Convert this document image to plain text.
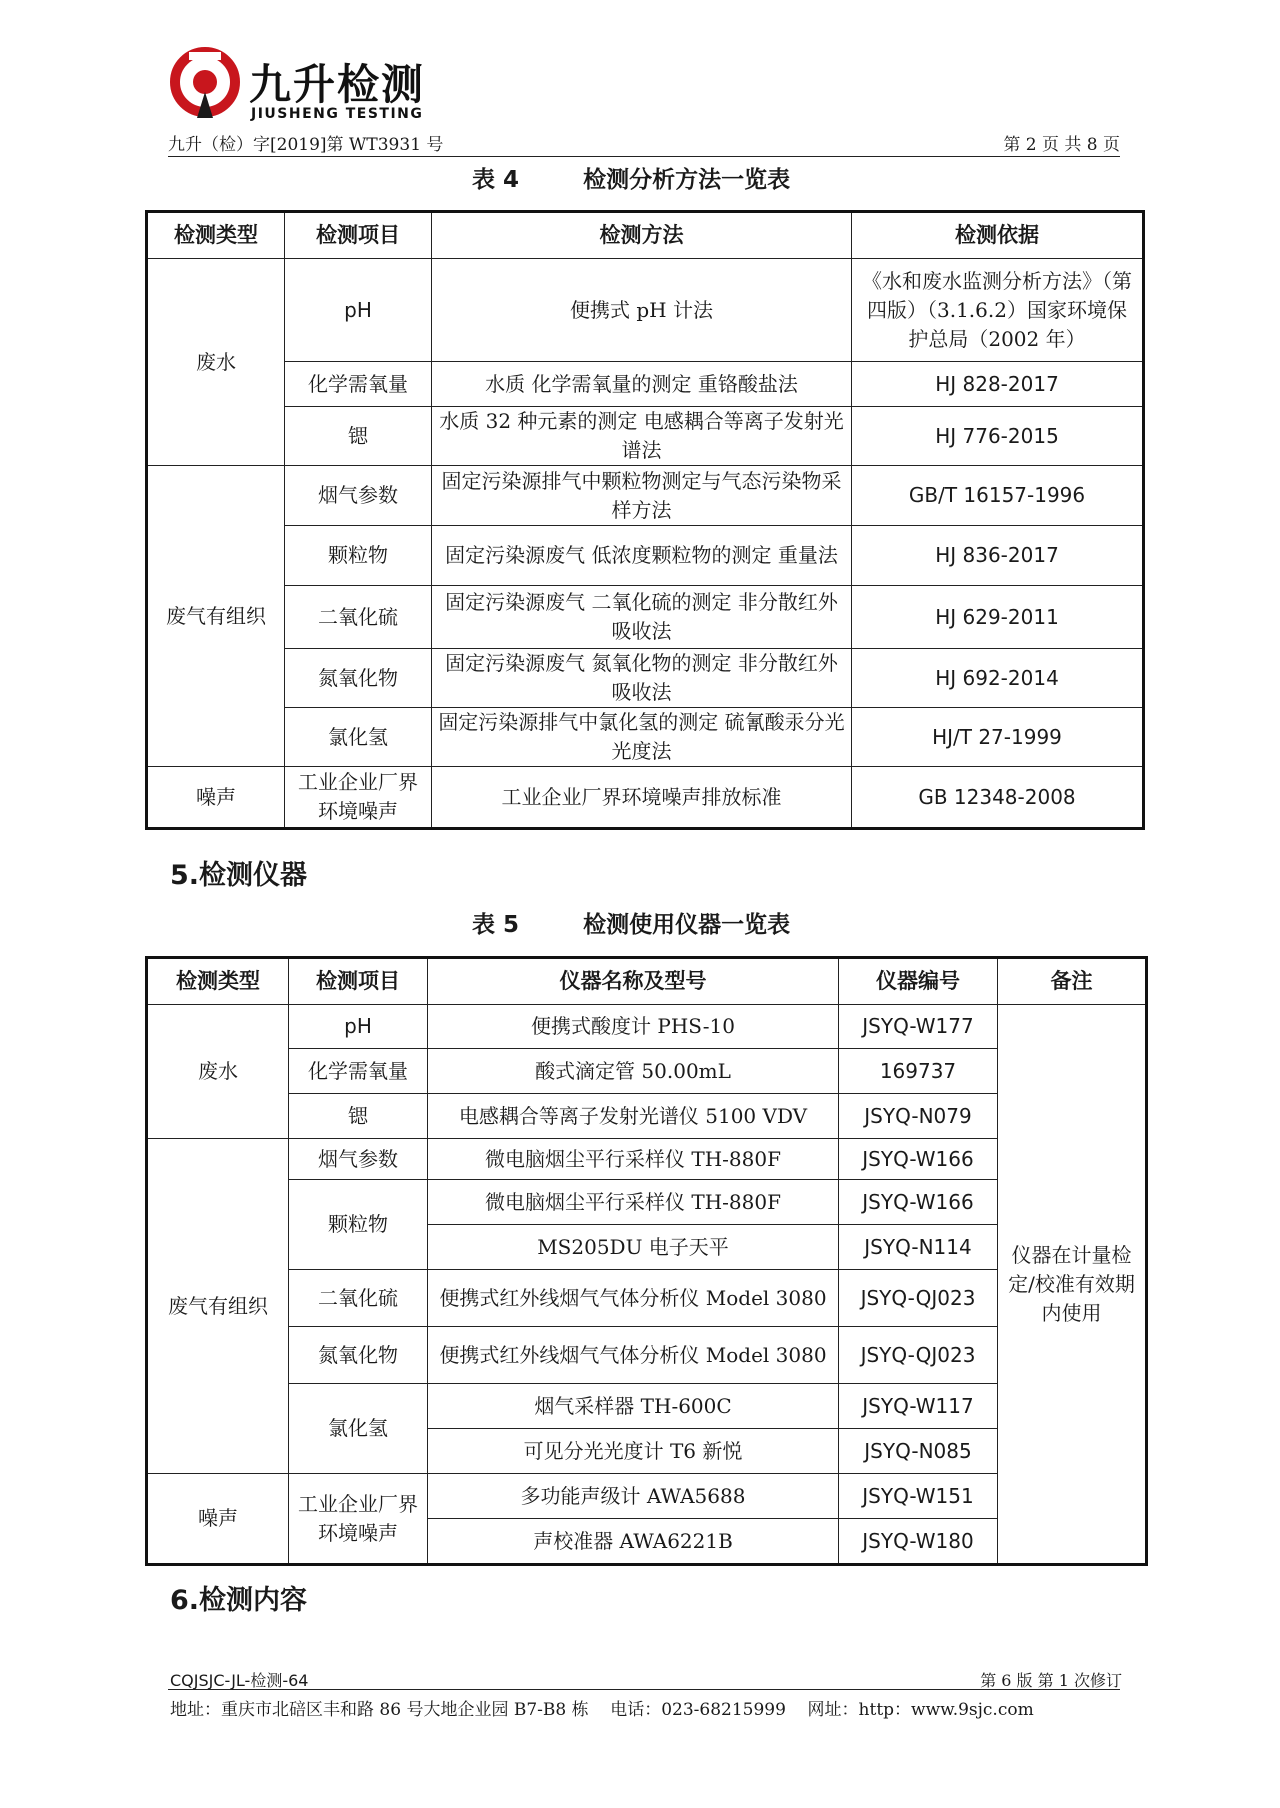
九升检测
JIUSHENG TESTING
九升（检）字[2019]第 WT3931 号	第 2 页 共 8 页
表 4        检测分析方法一览表
检测类型	检测项目	检测方法	检测依据
废水	pH	便携式 pH 计法	《水和废水监测分析方法》（第四版）（3.1.6.2）国家环境保护总局（2002 年）
	化学需氧量	水质 化学需氧量的测定 重铬酸盐法	HJ 828-2017
	锶	水质 32 种元素的测定 电感耦合等离子发射光谱法	HJ 776-2015
废气有组织	烟气参数	固定污染源排气中颗粒物测定与气态污染物采样方法	GB/T 16157-1996
	颗粒物	固定污染源废气 低浓度颗粒物的测定 重量法	HJ 836-2017
	二氧化硫	固定污染源废气 二氧化硫的测定 非分散红外吸收法	HJ 629-2011
	氮氧化物	固定污染源废气 氮氧化物的测定 非分散红外吸收法	HJ 692-2014
	氯化氢	固定污染源排气中氯化氢的测定 硫氰酸汞分光光度法	HJ/T 27-1999
噪声	工业企业厂界环境噪声	工业企业厂界环境噪声排放标准	GB 12348-2008
5.检测仪器
表 5        检测使用仪器一览表
检测类型	检测项目	仪器名称及型号	仪器编号	备注
废水	pH	便携式酸度计 PHS-10	JSYQ-W177	仪器在计量检定/校准有效期内使用
	化学需氧量	酸式滴定管 50.00mL	169737	
	锶	电感耦合等离子发射光谱仪 5100 VDV	JSYQ-N079	
废气有组织	烟气参数	微电脑烟尘平行采样仪 TH-880F	JSYQ-W166	
	颗粒物	微电脑烟尘平行采样仪 TH-880F	JSYQ-W166	
		MS205DU 电子天平	JSYQ-N114	
	二氧化硫	便携式红外线烟气气体分析仪 Model 3080	JSYQ-QJ023	
	氮氧化物	便携式红外线烟气气体分析仪 Model 3080	JSYQ-QJ023	
	氯化氢	烟气采样器 TH-600C	JSYQ-W117	
		可见分光光度计 T6 新悦	JSYQ-N085	
噪声	工业企业厂界环境噪声	多功能声级计 AWA5688	JSYQ-W151	
		声校准器 AWA6221B	JSYQ-W180	
6.检测内容
CQJSJC-JL-检测-64	第 6 版 第 1 次修订
地址：重庆市北碚区丰和路 86 号大地企业园 B7-B8 栋    电话：023-68215999    网址：http：www.9sjc.com
